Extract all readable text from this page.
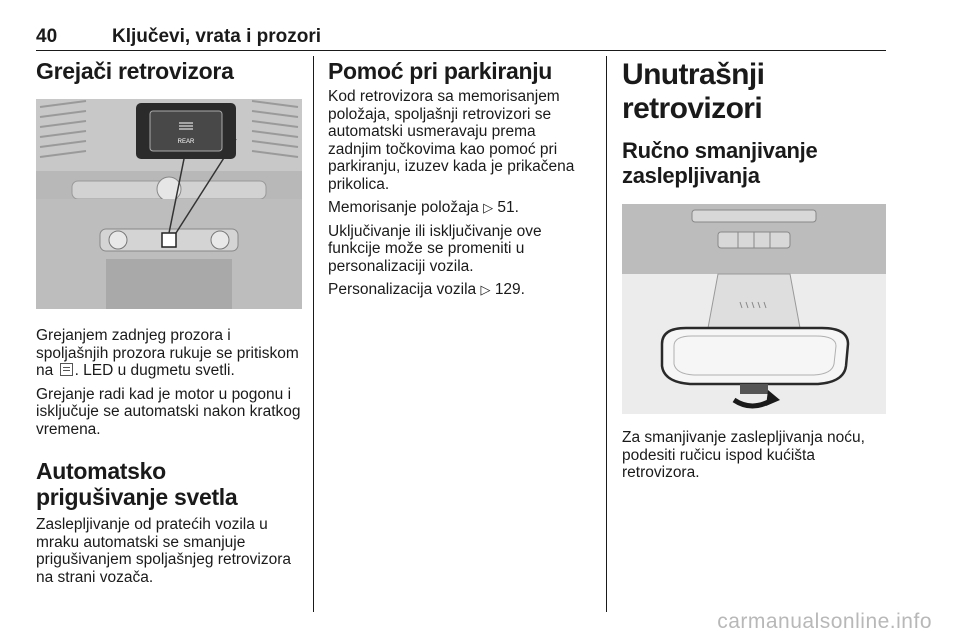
40	Ključevi, vrata i prozori
Grejači retrovizora
REAR

Grejanjem zadnjeg prozora i spoljašnjih prozora rukuje se pritiskom na . LED u dugmetu svetli.

Grejanje radi kad je motor u pogonu i isključuje se automatski nakon kratkog vremena.

Automatsko prigušivanje svetla

Zaslepljivanje od pratećih vozila u mraku automatski se smanjuje prigušivanjem spoljašnjeg retrovizora na strani vozača.

Pomoć pri parkiranju

Kod retrovizora sa memorisanjem položaja, spoljašnji retrovizori se automatski usmeravaju prema zadnjim točkovima kao pomoć pri parkiranju, izuzev kada je prikačena prikolica.

Memorisanje položaja ▷ 51.

Uključivanje ili isključivanje ove funkcije može se promeniti u personalizaciji vozila.

Personalizacija vozila ▷ 129.

Unutrašnji retrovizori
Ručno smanjivanje zaslepljivanja

Za smanjivanje zaslepljivanja noću, podesiti ručicu ispod kućišta retrovizora.

carmanualsonline.info
